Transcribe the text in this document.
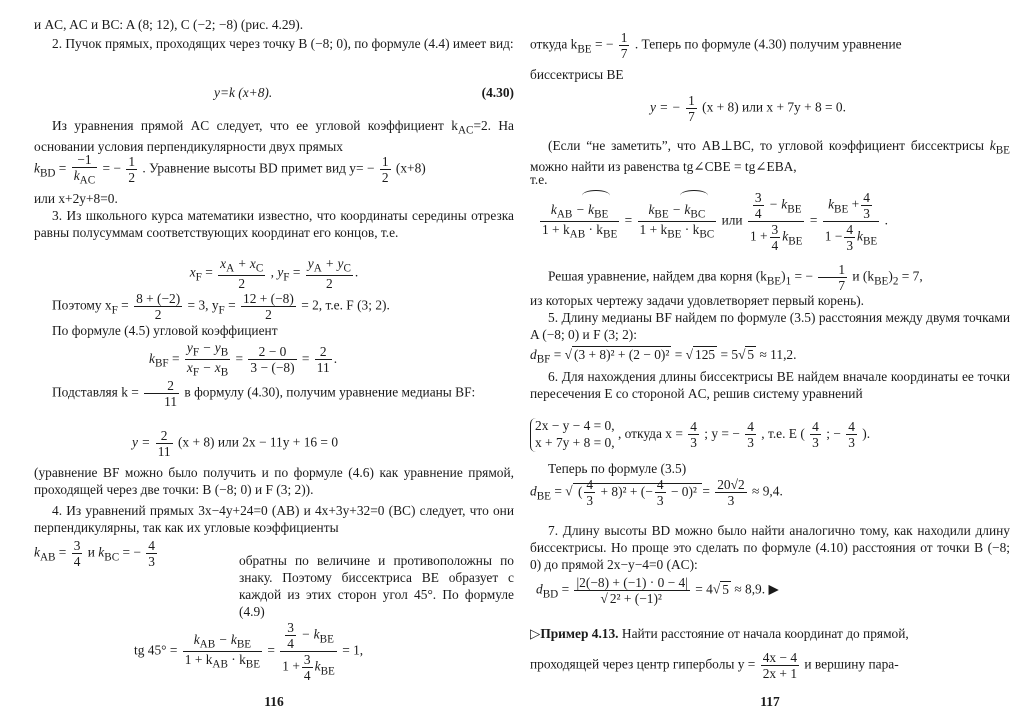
и AC, AC и BC: A (8; 12), C (−2; −8) (рис. 4.29).

2. Пучок прямых, проходящих через точку B (−8; 0), по формуле (4.4) имеет вид:

y=k (x+8).	(4.30)

Из уравнения прямой AC следует, что ее угловой коэффициент $k_{AC}=2$. На основании условия перпендикулярности двух прямых

$k_{BD} = \frac{-1}{k_{AC}}$ = − $\frac{1}{2}$ . Уравнение высоты BD примет вид $y= - \frac{1}{2} (x+8)$

или x+2y+8=0.

3. Из школьного курса математики известно, что координаты середины отрезка равны полусуммам соответствующих координат его концов, т.е.

$x_F = \frac{x_A + x_C}{2}$ , $y_F = \frac{y_A + y_C}{2}$ .
Поэтому $x_F = \frac{8 + (-2)}{2} = 3$, $y_F = \frac{12 + (-8)}{2} = 2$, т.е. F (3; 2).

По формуле (4.5) угловой коэффициент

$k_{BF} = \frac{y_F - y_B}{x_F - x_B} = \frac{2 - 0}{3 - (-8)} = \frac{2}{11}$ .
Подставляя $k = \frac{2}{11}$ в формулу (4.30), получим уравнение медианы BF:
$y = \frac{2}{11} (x + 8)$ или 2x − 11y + 16 = 0

(уравнение BF можно было получить и по формуле (4.6) как уравнение прямой, проходящей через две точки: B (−8; 0) и F (3; 2)).

4. Из уравнений прямых 3x−4y+24=0 (AB) и 4x+3y+32=0 (BC) следует, что они перпендикулярны, так как их угловые коэффициенты

$k_{AB} = \frac{3}{4}$ и $k_{BC}$ = − $\frac{4}{3}$	обратны по величине и противоположны по знаку. Поэтому биссектриса BE образует с каждой из этих сторон угол 45°. По формуле (4.9)

tg $45^\circ = \frac{k_{AB} - k_{BE}}{1 + k_{AB} \cdot k_{BE}} = \frac{\frac{3}{4} - k_{BE}}{1 + \frac{3}{4} k_{BE}} = 1$,
116
откуда $k_{BE}$ = − $\frac{1}{7}$ . Теперь по формуле (4.30) получим уравнение

биссектрисы BE

y = − $\frac{1}{7} (x + 8)$ или x + 7y + 8 = 0.
(Если “не заметить”, что AB⊥BC, то угловой коэффициент биссектрисы $k_{BE}$ можно найти из равенства tg∠CBE = tg∠EBA,

т.е.

$\frac{k_{AB} - k_{BE}}{1 + k_{AB} \cdot k_{BE}} = \frac{k_{BE} - k_{BC}}{1 + k_{BE} \cdot k_{BC}}$ или $\frac{\frac{3}{4} - k_{BE}}{1 + \frac{3}{4} k_{BE}} = \frac{k_{BE} + \frac{4}{3}}{1 - \frac{4}{3} k_{BE}}$ .
Решая уравнение, найдем два корня $(k_{BE})_1$ = − $\frac{1}{7}$ и $(k_{BE})_2 = 7$,

из которых чертежу задачи удовлетворяет первый корень).

5. Длину медианы BF найдем по формуле (3.5) расстояния между двумя точками A (−8; 0) и F (3; 2):

$d_{BF}$ = √ (3 + 8)² + (2 − 0)² = √ 125 = 5√ 5 ≈ 11,2.

6. Для нахождения длины биссектрисы BE найдем вначале координаты ее точки пересечения E со стороной AC, решив систему уравнений

2x − y − 4 = 0,
x + 7y + 8 = 0,
, откуда $x = \frac{4}{3}$ ; y = − $\frac{4}{3}$ , т.е. E ( $\frac{4}{3}$ ; − $\frac{4}{3}$ ).

Теперь по формуле (3.5)

$d_{BE}$ = √ ( $\frac{4}{3} + 8)^2$ + (− $\frac{4}{3} - 0)^2 = \frac{20√2}{3} \approx 9,4$.

7. Длину высоты BD можно было найти аналогично тому, как находили длину биссектрисы. Но проще это сделать по формуле (4.10) расстояния от точки B (−8; 0) до прямой 2x−y−4=0 (AC):

$d_{BD} = \frac{|2(-8) + (-1) \cdot 0 - 4|}{\text{√ 2² + (−1)²}} = 4√$ 5 ≈ 8,9. ▶
▷Пример 4.13. Найти расстояние от начала координат до прямой,
проходящей через центр гиперболы $y = \frac{4x - 4}{2x + 1}$ и вершину пара-
117
